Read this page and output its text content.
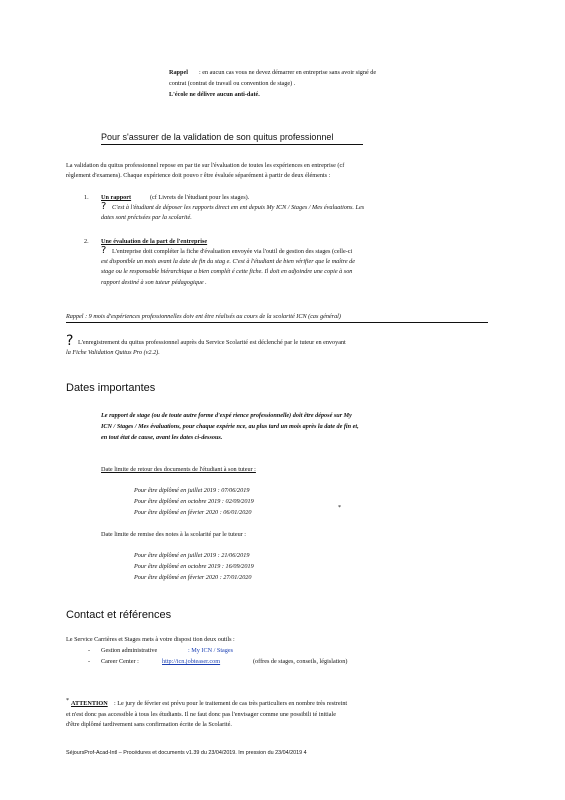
Rappel : en aucun cas vous ne devez démarrer en entreprise sans avoir signé de
contrat (contrat de travail ou convention de stage) .
L'école ne délivre aucun anti-daté.
Pour s'assurer de la validation de son quitus professionnel
La validation du quitus professionnel repose en par tie sur l'évaluation de toutes les expériences en entreprise (cf
règlement d'examens). Chaque expérience doit pouvo r être évaluée séparément à partir de deux éléments :
1. Un rapport	(cf Livrets de l'étudiant pour les stages).
? C'est à l'étudiant de déposer les rapports direct em ent depuis My ICN / Stages / Mes évaluations. Les
dates sont précisées par la scolarité.
2. Une évaluation de la part de l'entreprise
? L'entreprise doit compléter la fiche d'évaluation envoyée via l'outil de gestion des stages (celle-ci
est disponible un mois avant la date de fin du stag e. C'est à l'étudiant de bien vérifier que le maître de
stage ou le responsable hiérarchique a bien complét é cette fiche. Il doit en adjoindre une copie à son
rapport destiné à son tuteur pédagogique .
Rappel : 9 mois d'expériences professionnelles doiv ent être réalisés au cours de la scolarité ICN (cas général)
? L'enregistrement du quitus professionnel auprès du Service Scolarité est déclenché par le tuteur en envoyant
la Fiche Validation Quitus Pro (v2.2).
Dates importantes
Le rapport de stage (ou de toute autre forme d'expé rience professionnelle) doit être déposé sur My
ICN / Stages / Mes évaluations, pour chaque expérie nce, au plus tard un mois après la date de fin et,
en tout état de cause, avant les dates ci-dessous.
Date limite de retour des documents de l'étudiant à son tuteur :
Pour être diplômé en juillet 2019 : 07/06/2019
Pour être diplômé en octobre 2019 : 02/09/2019
Pour être diplômé en février 2020 : 06/01/2020
*
Date limite de remise des notes à la scolarité par le tuteur :
Pour être diplômé en juillet 2019 : 21/06/2019
Pour être diplômé en octobre 2019 : 16/09/2019
Pour être diplômé en février 2020 : 27/01/2020
Contact et références
Le Service Carrières et Stages mets à votre disposi tion deux outils :
- Gestion administrative	: My ICN / Stages
- Career Center :	http://icn.jobteaser.com	(offres de stages, conseils, législation)
* ATTENTION : Le jury de février est prévu pour le traitement de cas très particuliers en nombre très restreint
et n'est donc pas accessible à tous les étudiants. Il ne faut donc pas l'envisager comme une possibili té initiale
d'être diplômé tardivement sans confirmation écrite de la Scolarité.
SéjoursProf-Acad-Intl – Procédures et documents v1.39 du 23/04/2019. Im pression du 23/04/2019 4
